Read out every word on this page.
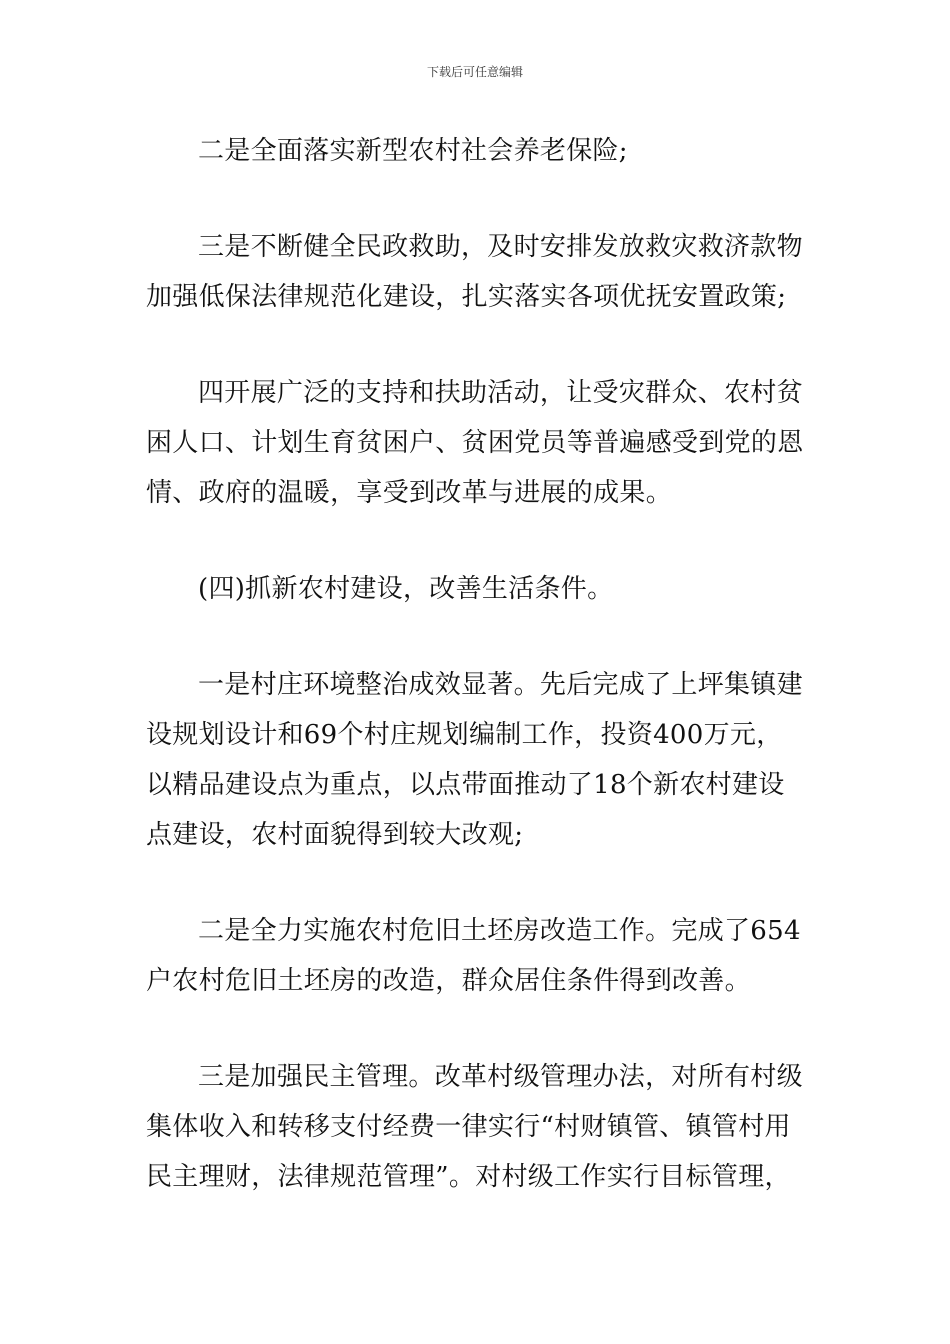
下载后可任意编辑

二是全面落实新型农村社会养老保险;

三是不断健全民政救助，及时安排发放救灾救济款物加强低保法律规范化建设，扎实落实各项优抚安置政策;

四开展广泛的支持和扶助活动，让受灾群众、农村贫困人口、计划生育贫困户、贫困党员等普遍感受到党的恩情、政府的温暖，享受到改革与进展的成果。

(四)抓新农村建设，改善生活条件。

一是村庄环境整治成效显著。先后完成了上坪集镇建设规划设计和69个村庄规划编制工作，投资400万元，以精品建设点为重点，以点带面推动了18个新农村建设点建设，农村面貌得到较大改观;

二是全力实施农村危旧土坯房改造工作。完成了654户农村危旧土坯房的改造，群众居住条件得到改善。

三是加强民主管理。改革村级管理办法，对所有村级集体收入和转移支付经费一律实行“村财镇管、镇管村用民主理财，法律规范管理”。对村级工作实行目标管理，
